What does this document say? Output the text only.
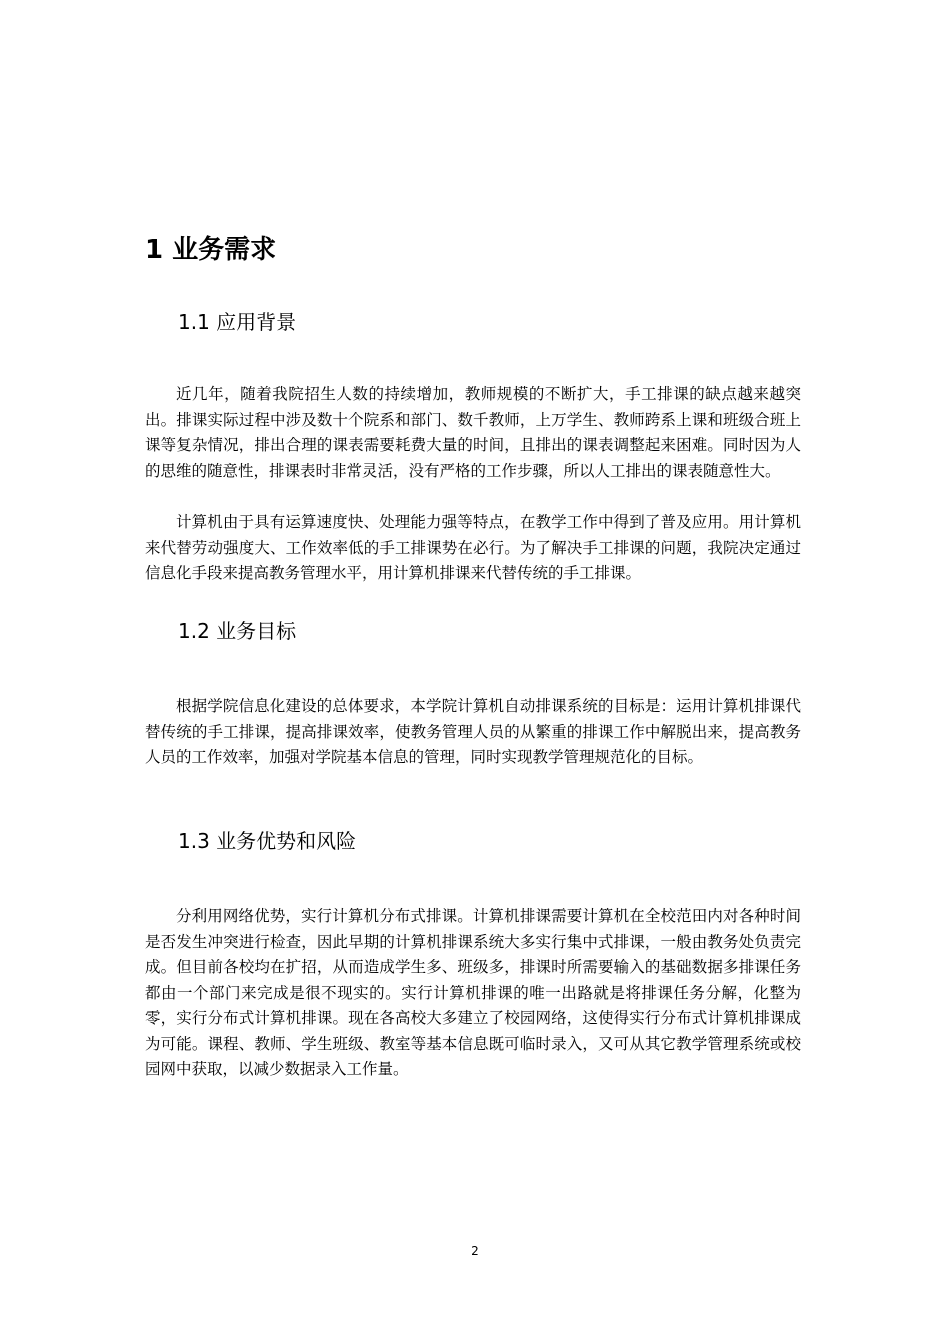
1 业务需求
1.1 应用背景

近几年，随着我院招生人数的持续增加，教师规模的不断扩大，手工排课的缺点越来越突出。排课实际过程中涉及数十个院系和部门、数千教师，上万学生、教师跨系上课和班级合班上课等复杂情况，排出合理的课表需要耗费大量的时间，且排出的课表调整起来困难。同时因为人的思维的随意性，排课表时非常灵活，没有严格的工作步骤，所以人工排出的课表随意性大。

计算机由于具有运算速度快、处理能力强等特点，在教学工作中得到了普及应用。用计算机来代替劳动强度大、工作效率低的手工排课势在必行。为了解决手工排课的问题，我院决定通过信息化手段来提高教务管理水平，用计算机排课来代替传统的手工排课。

1.2 业务目标

根据学院信息化建设的总体要求，本学院计算机自动排课系统的目标是：运用计算机排课代替传统的手工排课，提高排课效率，使教务管理人员的从繁重的排课工作中解脱出来，提高教务人员的工作效率，加强对学院基本信息的管理，同时实现教学管理规范化的目标。

1.3 业务优势和风险

分利用网络优势，实行计算机分布式排课。计算机排课需要计算机在全校范田内对各种时间是否发生冲突进行检查，因此早期的计算机排课系统大多实行集中式排课，一般由教务处负责完成。但目前各校均在扩招，从而造成学生多、班级多，排课时所需要输入的基础数据多排课任务都由一个部门来完成是很不现实的。实行计算机排课的唯一出路就是将排课任务分解，化整为零，实行分布式计算机排课。现在各高校大多建立了校园网络，这使得实行分布式计算机排课成为可能。课程、教师、学生班级、教室等基本信息既可临时录入，又可从其它教学管理系统或校园网中获取，以减少数据录入工作量。

2
